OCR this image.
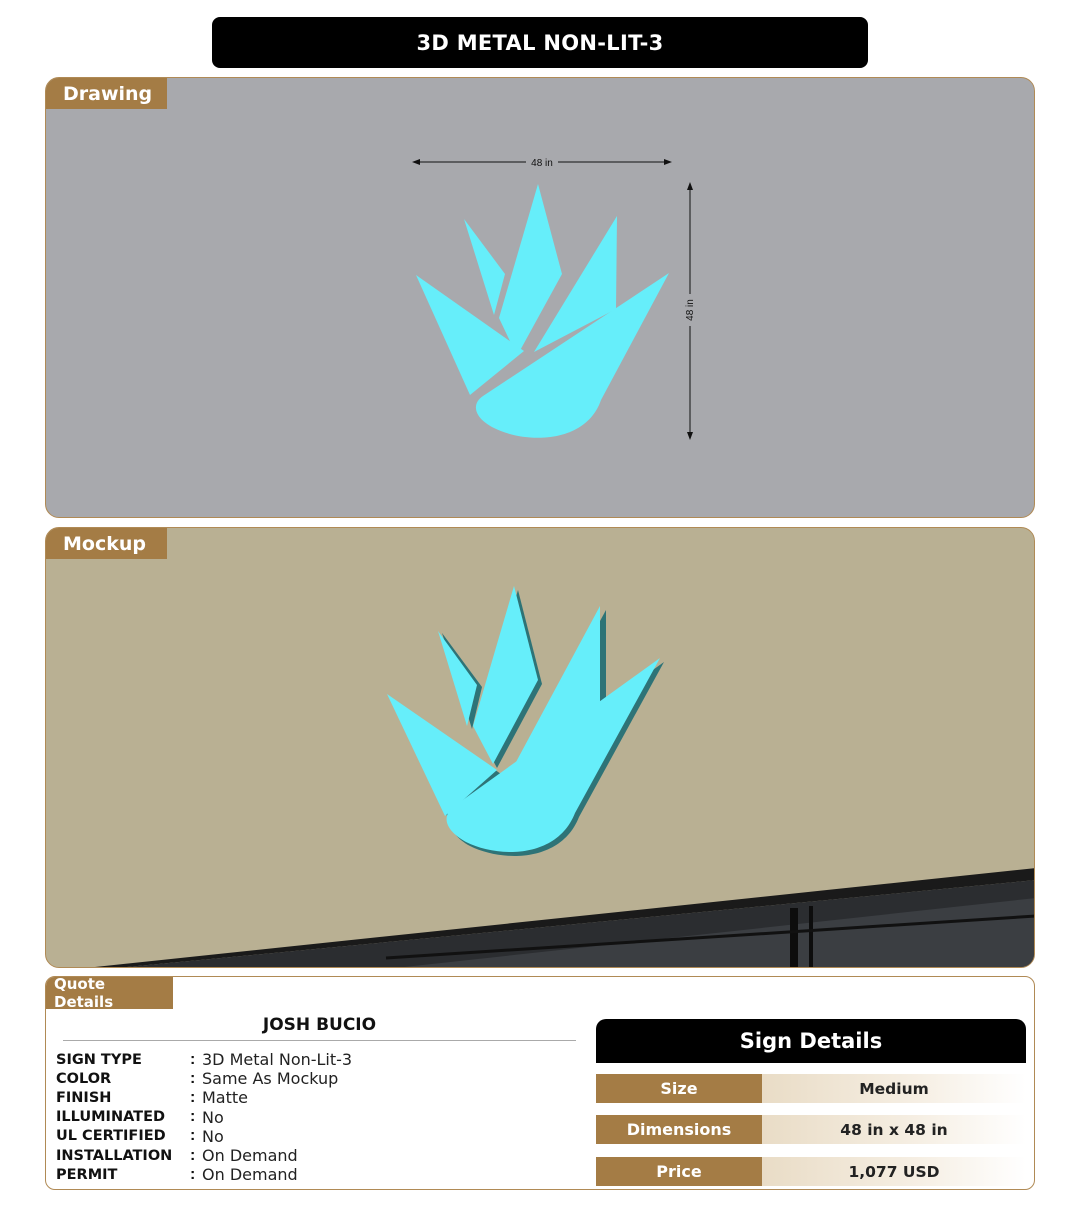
3D METAL NON-LIT-3
48 in
48 in
Drawing
Mockup
Quote Details
JOSH BUCIO
SIGN TYPE	: 3D Metal Non-Lit-3
COLOR	: Same As Mockup
FINISH	: Matte
ILLUMINATED	: No
UL CERTIFIED	: No
INSTALLATION	: On Demand
PERMIT	: On Demand
Sign Details
Size	Medium
Dimensions	48 in x 48 in
Price	1,077 USD
